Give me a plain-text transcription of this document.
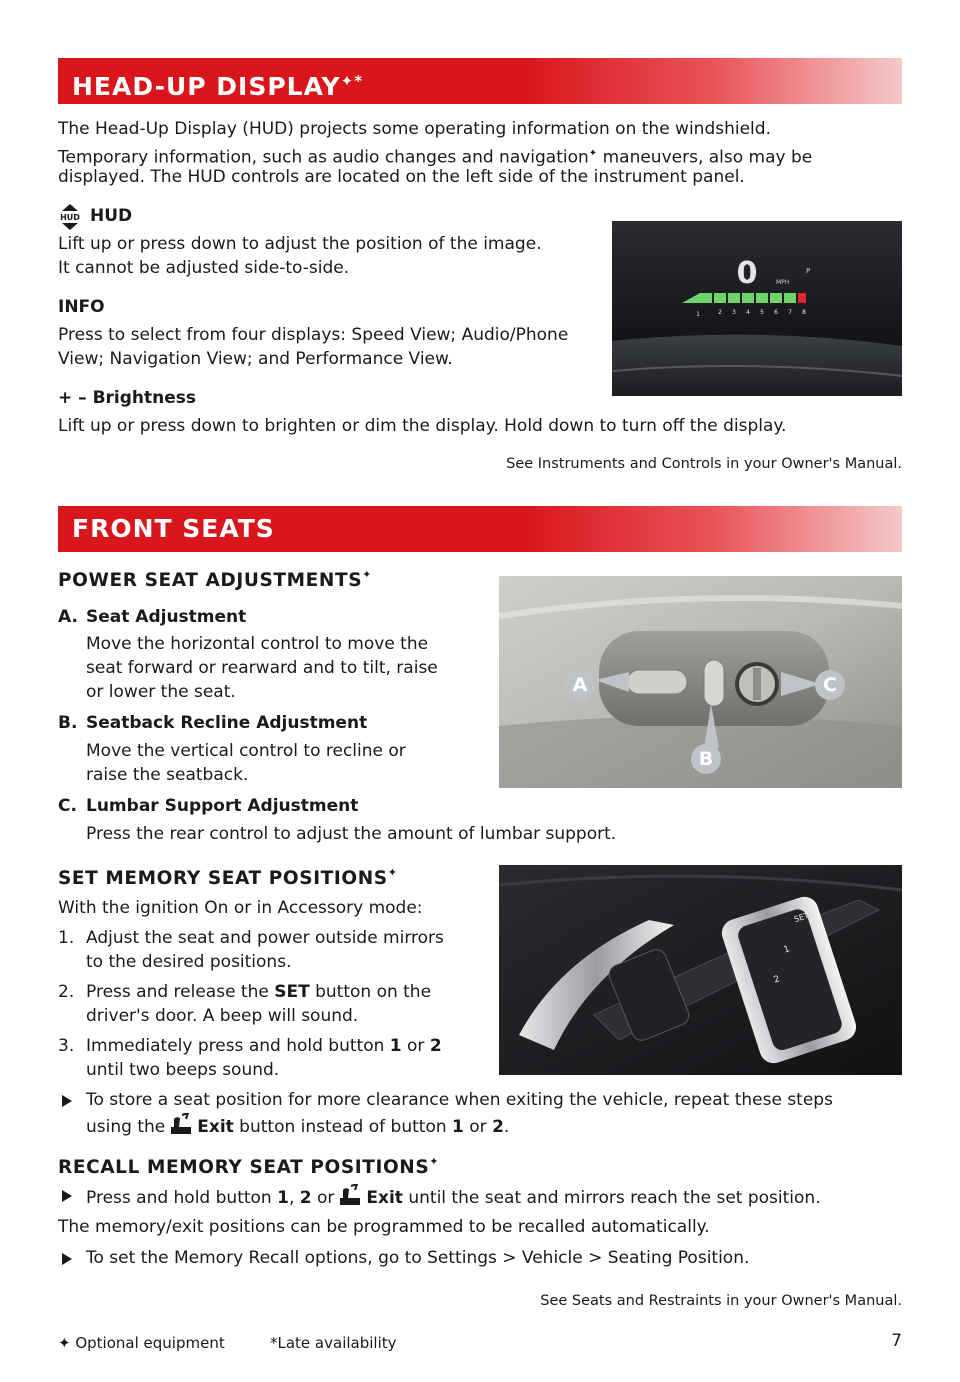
HEAD-UP DISPLAY✦*
The Head-Up Display (HUD) projects some operating information on the windshield.
Temporary information, such as audio changes and navigation✦ maneuvers, also may be
displayed. The HUD controls are located on the left side of the instrument panel.
HUD HUD
Lift up or press down to adjust the position of the image.
It cannot be adjusted side-to-side.
INFO
Press to select from four displays: Speed View; Audio/Phone
View; Navigation View; and Performance View.
+ – Brightness
Lift up or press down to brighten or dim the display. Hold down to turn off the display.
See Instruments and Controls in your Owner's Manual.
0	MPH
P
1	2 3 4 5 6 7 8
FRONT SEATS
POWER SEAT ADJUSTMENTS✦
A. Seat Adjustment
Move the horizontal control to move the
seat forward or rearward and to tilt, raise
or lower the seat.
B. Seatback Recline Adjustment
Move the vertical control to recline or
raise the seatback.
C. Lumbar Support Adjustment
Press the rear control to adjust the amount of lumbar support.
A	C
B
SET MEMORY SEAT POSITIONS✦
With the ignition On or in Accessory mode:
1. Adjust the seat and power outside mirrors
to the desired positions.
2. Press and release the SET button on the
driver's door. A beep will sound.
3. Immediately press and hold button 1 or 2
until two beeps sound.
SET
1
2
To store a seat position for more clearance when exiting the vehicle, repeat these steps
using the Exit button instead of button 1 or 2.
RECALL MEMORY SEAT POSITIONS✦
Press and hold button 1, 2 or Exit until the seat and mirrors reach the set position.
The memory/exit positions can be programmed to be recalled automatically.
To set the Memory Recall options, go to Settings > Vehicle > Seating Position.
See Seats and Restraints in your Owner's Manual.
✦ Optional equipment	*Late availability	7
